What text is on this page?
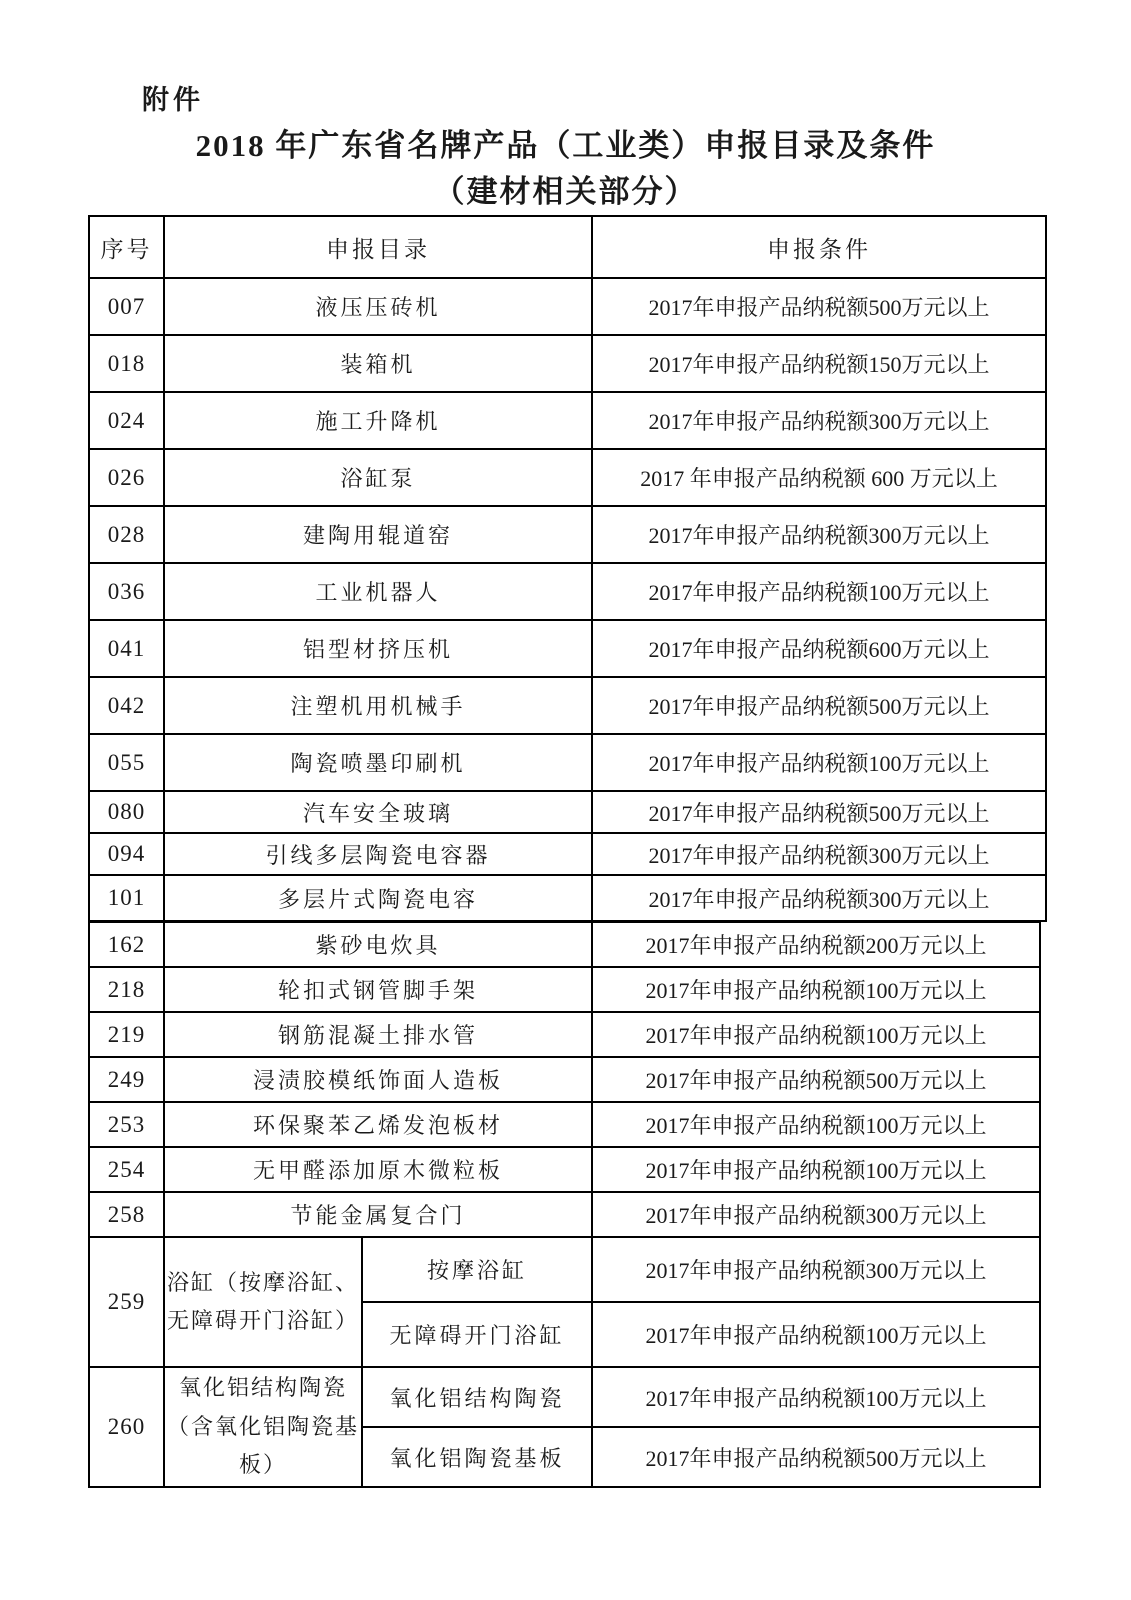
附件
2018 年广东省名牌产品（工业类）申报目录及条件
（建材相关部分）
序号	申报目录	申报条件
007	液压压砖机	2017年申报产品纳税额500万元以上
018	装箱机	2017年申报产品纳税额150万元以上
024	施工升降机	2017年申报产品纳税额300万元以上
026	浴缸泵	2017 年申报产品纳税额 600 万元以上
028	建陶用辊道窑	2017年申报产品纳税额300万元以上
036	工业机器人	2017年申报产品纳税额100万元以上
041	铝型材挤压机	2017年申报产品纳税额600万元以上
042	注塑机用机械手	2017年申报产品纳税额500万元以上
055	陶瓷喷墨印刷机	2017年申报产品纳税额100万元以上
080	汽车安全玻璃	2017年申报产品纳税额500万元以上
094	引线多层陶瓷电容器	2017年申报产品纳税额300万元以上
101	多层片式陶瓷电容	2017年申报产品纳税额300万元以上
162	紫砂电炊具		2017年申报产品纳税额200万元以上
218	轮扣式钢管脚手架		2017年申报产品纳税额100万元以上
219	钢筋混凝土排水管		2017年申报产品纳税额100万元以上
249	浸渍胶模纸饰面人造板		2017年申报产品纳税额500万元以上
253	环保聚苯乙烯发泡板材		2017年申报产品纳税额100万元以上
254	无甲醛添加原木微粒板		2017年申报产品纳税额100万元以上
258	节能金属复合门		2017年申报产品纳税额300万元以上
259	浴缸（按摩浴缸、无障碍开门浴缸）	按摩浴缸	2017年申报产品纳税额300万元以上
		无障碍开门浴缸	2017年申报产品纳税额100万元以上
260	氧化铝结构陶瓷（含氧化铝陶瓷基板）	氧化铝结构陶瓷	2017年申报产品纳税额100万元以上
		氧化铝陶瓷基板	2017年申报产品纳税额500万元以上
